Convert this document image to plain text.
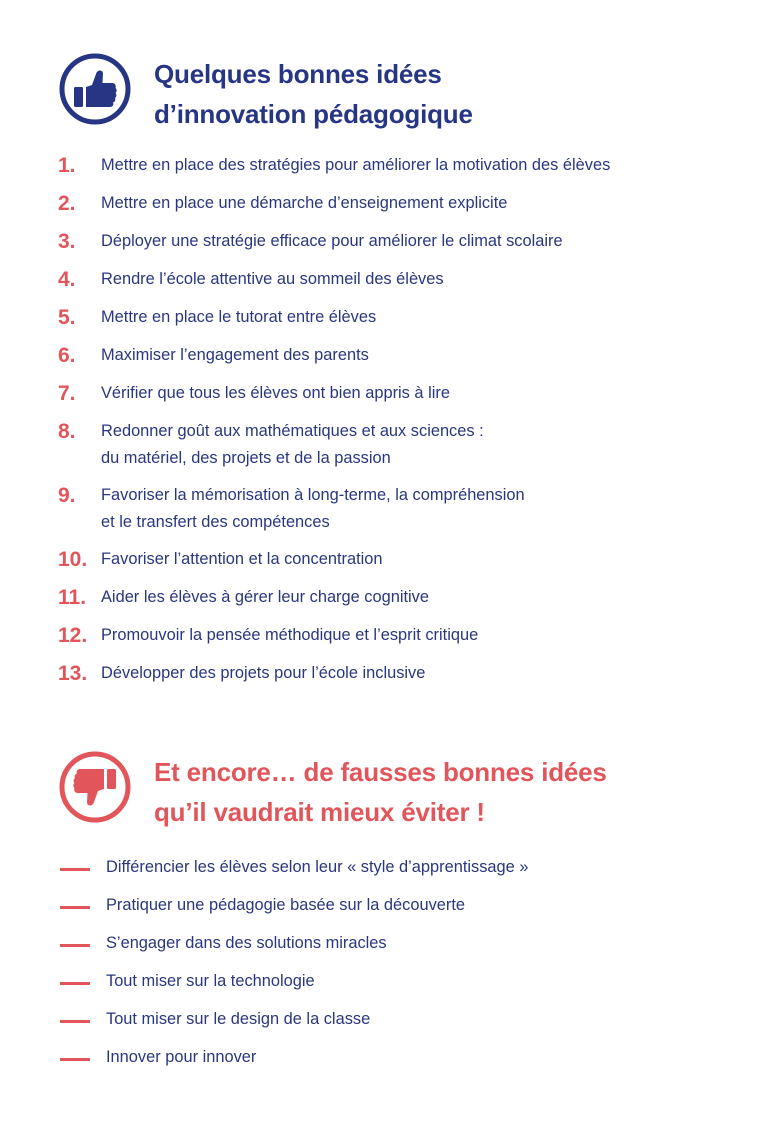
Quelques bonnes idées
d’innovation pédagogique
1. Mettre en place des stratégies pour améliorer la motivation des élèves
2. Mettre en place une démarche d’enseignement explicite
3. Déployer une stratégie efficace pour améliorer le climat scolaire
4. Rendre l’école attentive au sommeil des élèves
5. Mettre en place le tutorat entre élèves
6. Maximiser l’engagement des parents
7. Vérifier que tous les élèves ont bien appris à lire
8. Redonner goût aux mathématiques et aux sciences :
du matériel, des projets et de la passion
9. Favoriser la mémorisation à long-terme, la compréhension
et le transfert des compétences
10. Favoriser l’attention et la concentration
11. Aider les élèves à gérer leur charge cognitive
12. Promouvoir la pensée méthodique et l’esprit critique
13. Développer des projets pour l’école inclusive
Et encore… de fausses bonnes idées
qu’il vaudrait mieux éviter !
Différencier les élèves selon leur « style d’apprentissage »
Pratiquer une pédagogie basée sur la découverte
S’engager dans des solutions miracles
Tout miser sur la technologie
Tout miser sur le design de la classe
Innover pour innover
